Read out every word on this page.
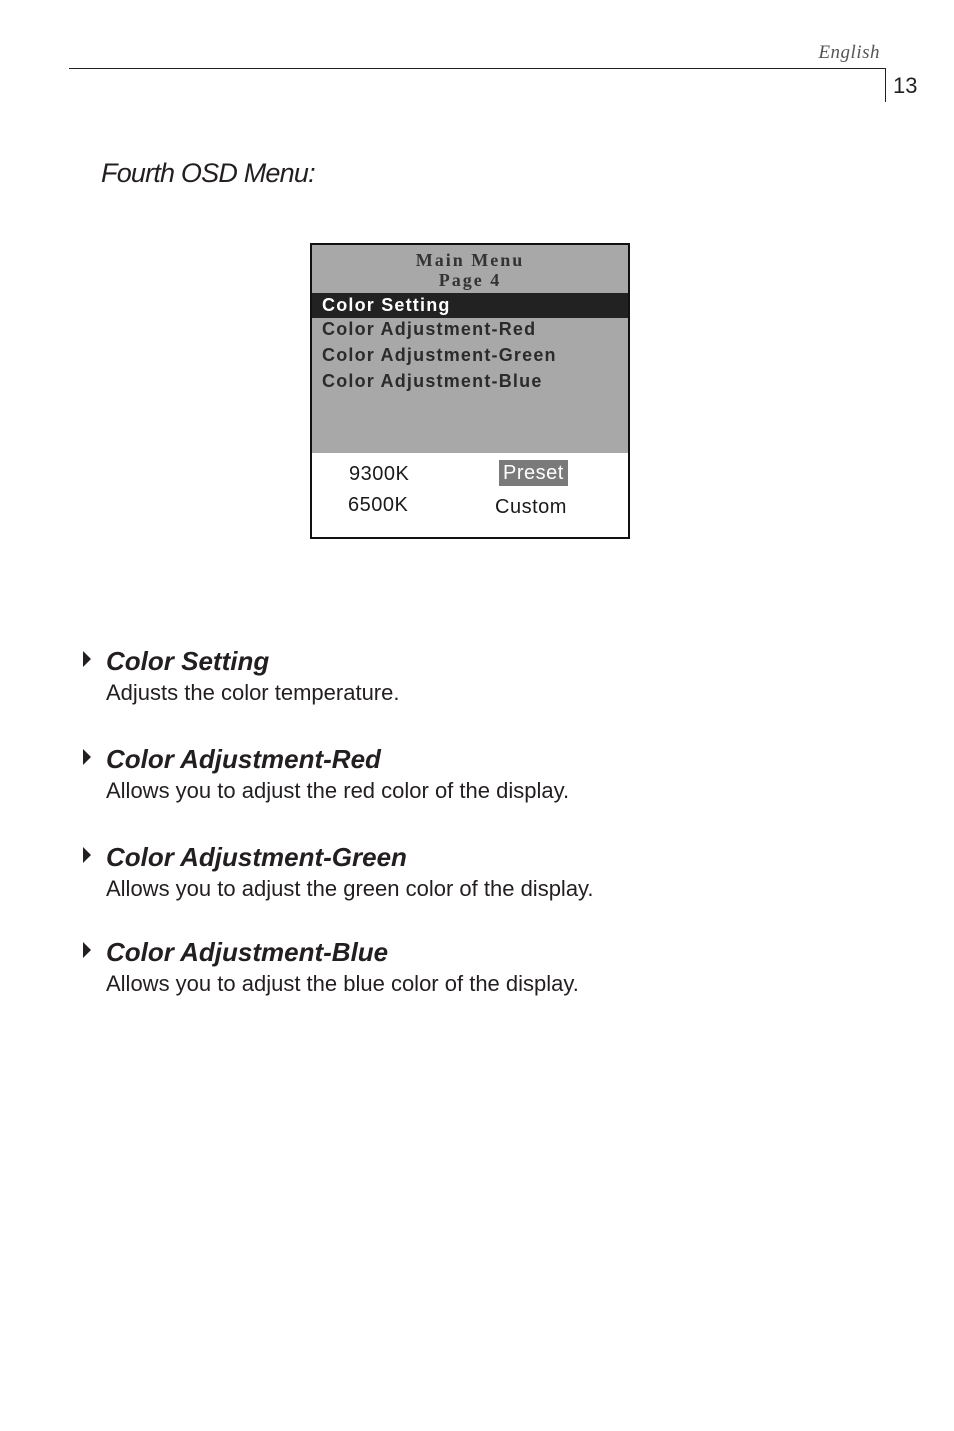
English
13
Fourth OSD Menu:
Main Menu
Page 4
Color Setting
Color Adjustment-Red
Color Adjustment-Green
Color Adjustment-Blue
9300K
6500K
Preset
Custom
Color Setting
Adjusts the color temperature.
Color Adjustment-Red
Allows you to adjust the red color of the display.
Color Adjustment-Green
Allows you to adjust the green color of the display.
Color Adjustment-Blue
Allows you to adjust the blue color of the display.
